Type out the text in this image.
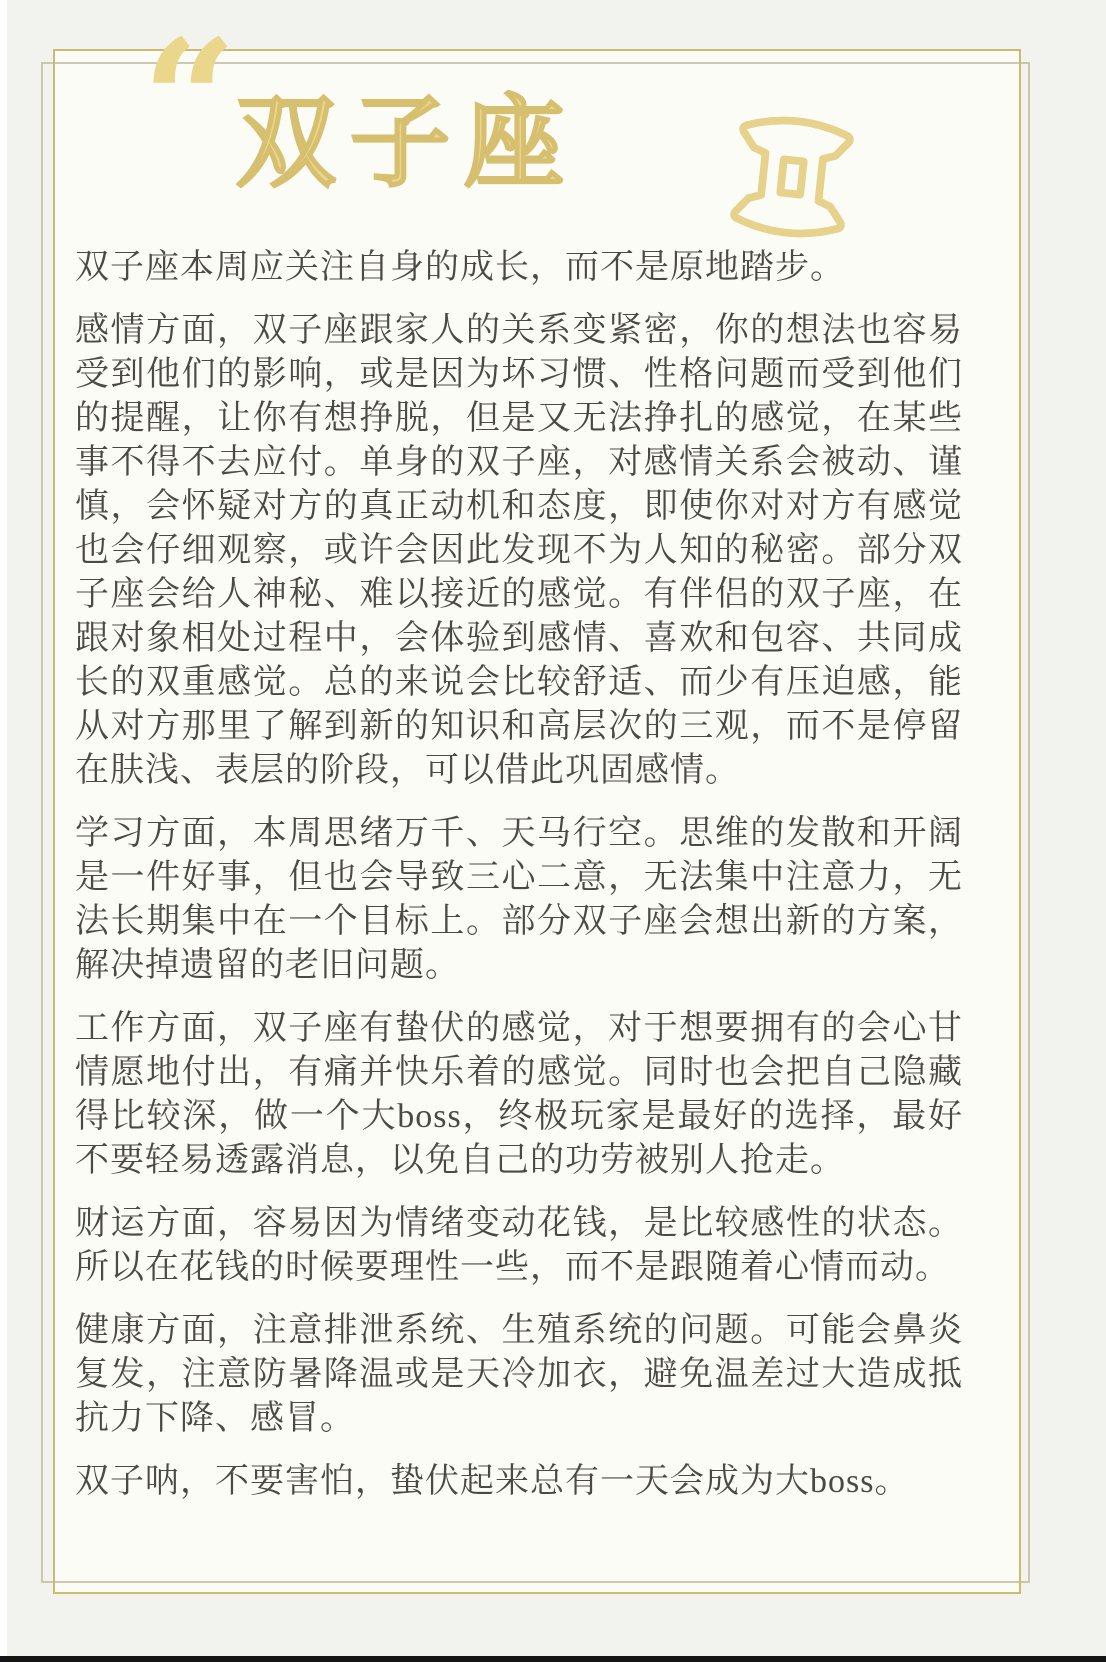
“ 双子座

双子座本周应关注自身的成长，而不是原地踏步。

感情方面，双子座跟家人的关系变紧密，你的想法也容易受到他们的影响，或是因为坏习惯、性格问题而受到他们的提醒，让你有想挣脱，但是又无法挣扎的感觉，在某些事不得不去应付。单身的双子座，对感情关系会被动、谨慎，会怀疑对方的真正动机和态度，即使你对对方有感觉也会仔细观察，或许会因此发现不为人知的秘密。部分双子座会给人神秘、难以接近的感觉。有伴侣的双子座，在跟对象相处过程中，会体验到感情、喜欢和包容、共同成长的双重感觉。总的来说会比较舒适、而少有压迫感，能从对方那里了解到新的知识和高层次的三观，而不是停留在肤浅、表层的阶段，可以借此巩固感情。

学习方面，本周思绪万千、天马行空。思维的发散和开阔是一件好事，但也会导致三心二意，无法集中注意力，无法长期集中在一个目标上。部分双子座会想出新的方案，解决掉遗留的老旧问题。

工作方面，双子座有蛰伏的感觉，对于想要拥有的会心甘情愿地付出，有痛并快乐着的感觉。同时也会把自己隐藏得比较深，做一个大boss，终极玩家是最好的选择，最好不要轻易透露消息，以免自己的功劳被别人抢走。

财运方面，容易因为情绪变动花钱，是比较感性的状态。所以在花钱的时候要理性一些，而不是跟随着心情而动。

健康方面，注意排泄系统、生殖系统的问题。可能会鼻炎复发，注意防暑降温或是天冷加衣，避免温差过大造成抵抗力下降、感冒。

双子呐，不要害怕，蛰伏起来总有一天会成为大boss。
